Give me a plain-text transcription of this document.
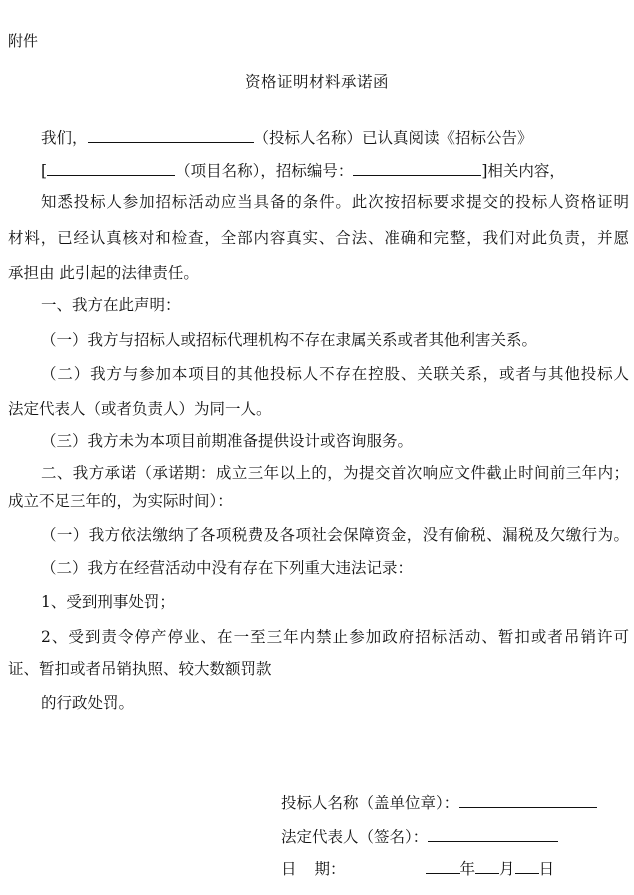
附件
资格证明材料承诺函
我们，	（投标人名称）已认真阅读《招标公告》
[	（项目名称），招标编号：	]相关内容，
知悉投标人参加招标活动应当具备的条件。此次按招标要求提交的投标人资格证明
材料，已经认真核对和检查，全部内容真实、合法、准确和完整，我们对此负责，并愿
承担由 此引起的法律责任。
一、我方在此声明：
（一）我方与招标人或招标代理机构不存在隶属关系或者其他利害关系。
（二）我方与参加本项目的其他投标人不存在控股、关联关系，或者与其他投标人
法定代表人（或者负责人）为同一人。
（三）我方未为本项目前期准备提供设计或咨询服务。
二、我方承诺（承诺期：成立三年以上的，为提交首次响应文件截止时间前三年内；
成立不足三年的，为实际时间）：
（一）我方依法缴纳了各项税费及各项社会保障资金，没有偷税、漏税及欠缴行为。
（二）我方在经营活动中没有存在下列重大违法记录：
1、受到刑事处罚；
2、受到责令停产停业、在一至三年内禁止参加政府招标活动、暂扣或者吊销许可
证、暂扣或者吊销执照、较大数额罚款
的行政处罚。
投标人名称（盖单位章）：
法定代表人（签名）：
日 期：	年 月 日
